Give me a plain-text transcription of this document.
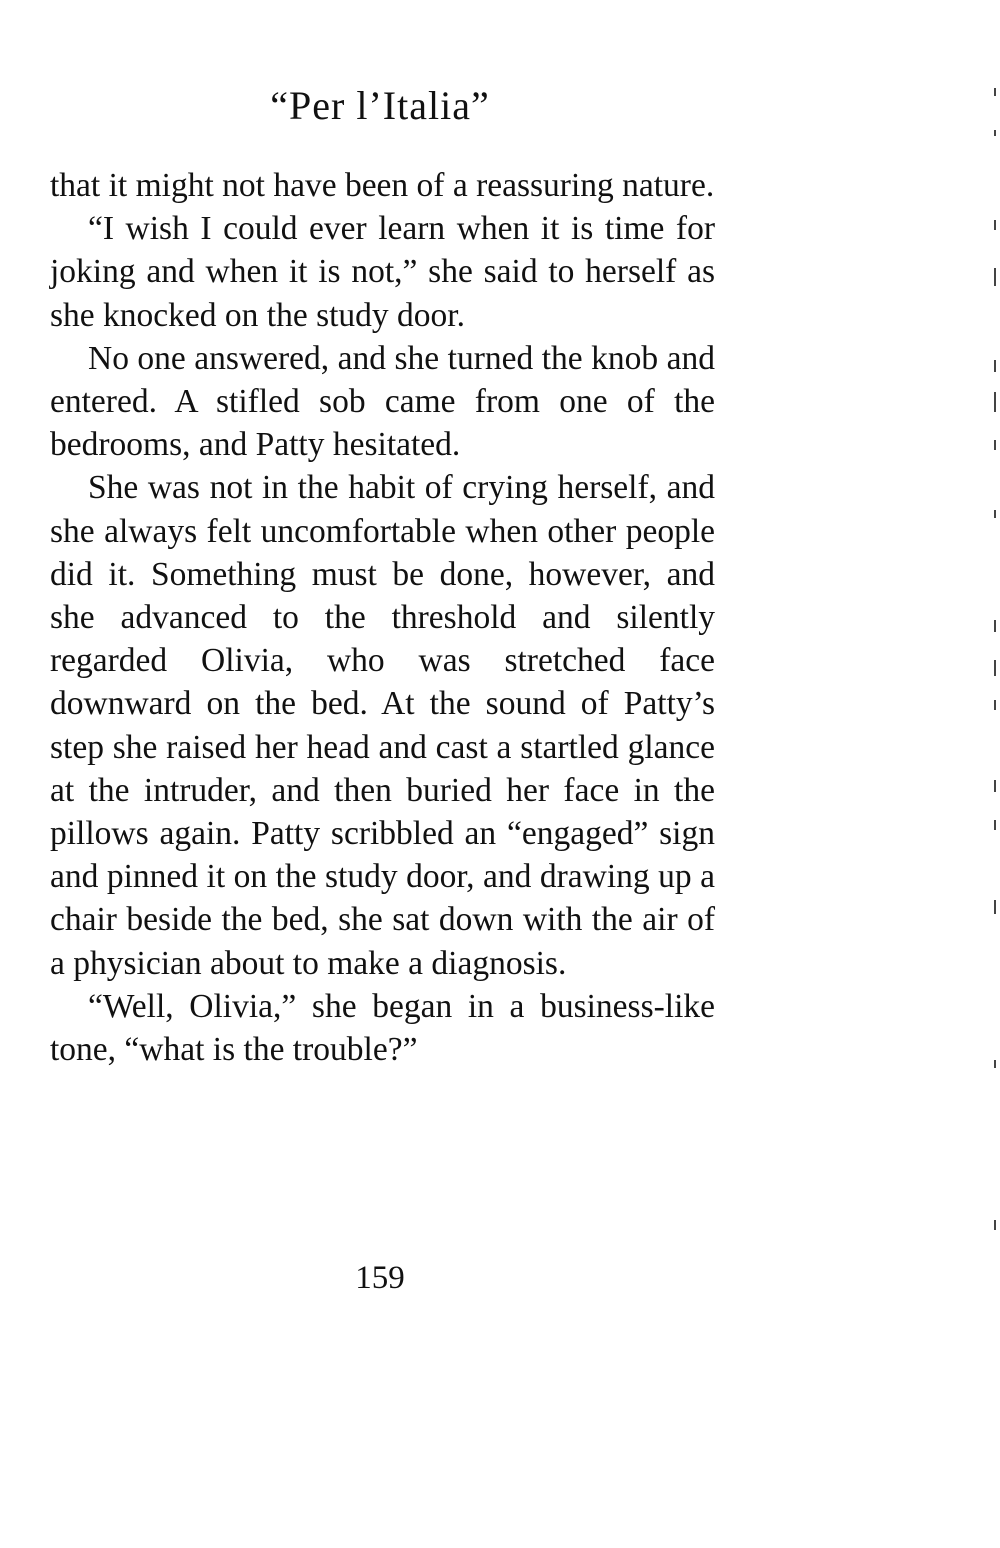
“Per l’Italia”

that it might not have been of a reassuring nature.

“I wish I could ever learn when it is time for joking and when it is not,” she said to herself as she knocked on the study door.

No one answered, and she turned the knob and entered. A stifled sob came from one of the bedrooms, and Patty hesitated.

She was not in the habit of crying herself, and she always felt uncomfortable when other people did it. Something must be done, however, and she advanced to the threshold and silently regarded Olivia, who was stretched face downward on the bed. At the sound of Patty’s step she raised her head and cast a startled glance at the intruder, and then buried her face in the pillows again. Patty scribbled an “engaged” sign and pinned it on the study door, and drawing up a chair beside the bed, she sat down with the air of a physician about to make a diagnosis.

“Well, Olivia,” she began in a business-like tone, “what is the trouble?”

159
